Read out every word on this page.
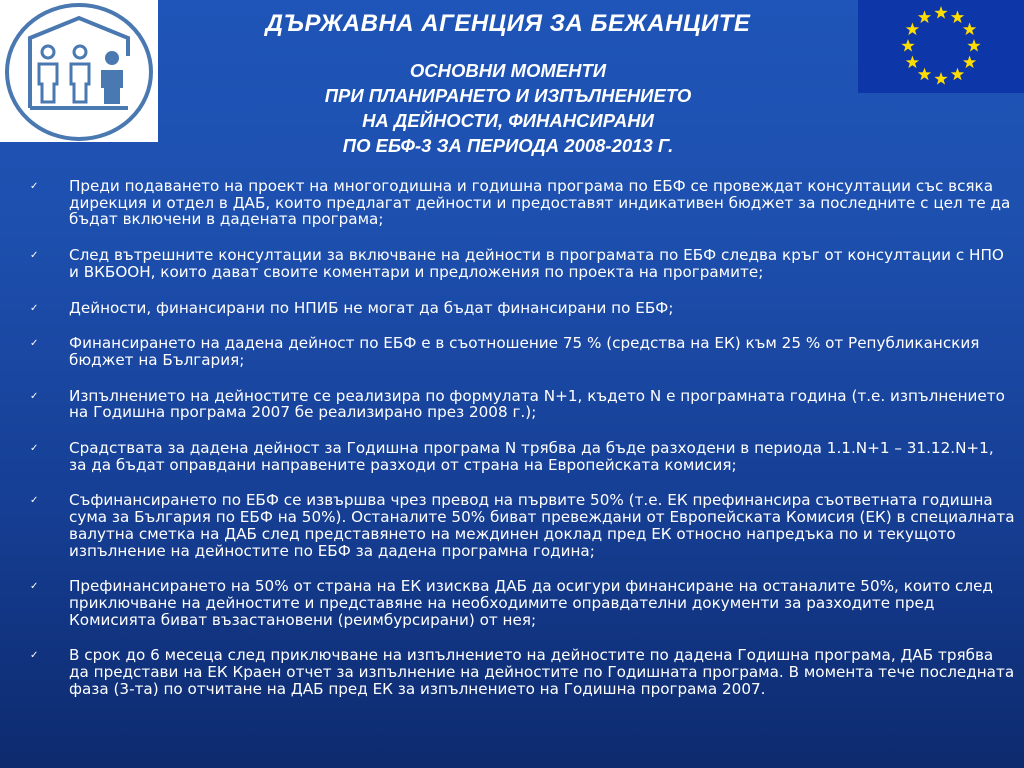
ДЪРЖАВНА АГЕНЦИЯ ЗА БЕЖАНЦИТЕ
ОСНОВНИ МОМЕНТИ
ПРИ ПЛАНИРАНЕТО И ИЗПЪЛНЕНИЕТО
НА ДЕЙНОСТИ, ФИНАНСИРАНИ
ПО ЕБФ-3 ЗА ПЕРИОДА 2008-2013 Г.
✓ Преди подаването на проект на многогодишна и годишна програма по ЕБФ се провеждат консултации със всяка дирекция и отдел в ДАБ, които предлагат дейности и предоставят индикативен бюджет за последните с цел те да бъдат включени в дадената програма;
✓ След вътрешните консултации за включване на дейности в програмата по ЕБФ следва кръг от консултации с НПО и ВКБООН, които дават своите коментари и предложения по проекта на програмите;
✓ Дейности, финансирани по НПИБ не могат да бъдат финансирани по ЕБФ;
✓ Финансирането на дадена дейност по ЕБФ е в съотношение 75 % (средства на ЕК) към 25 % от Републиканския бюджет на България;
✓ Изпълнението на дейностите се реализира по формулата N+1, където N е програмната година (т.е. изпълнението на Годишна програма 2007 бе реализирано през 2008 г.);
✓ Срадствата за дадена дейност за Годишна програма N трябва да бъде разходени в периода 1.1.N+1 – 31.12.N+1, за да бъдат оправдани направените разходи от страна на Европейската комисия;
✓ Съфинансирането по ЕБФ се извършва чрез превод на първите 50% (т.е. ЕК префинансира съответната годишна сума за България по ЕБФ на 50%). Останалите 50% биват превеждани от Европейската Комисия (ЕК) в специалната валутна сметка на ДАБ след представянето на междинен доклад пред ЕК относно напредъка по и текущото изпълнение на дейностите по ЕБФ за дадена програмна година;
✓ Префинансирането на 50% от страна на ЕК изисква ДАБ да осигури финансиране на останалите 50%, които след приключване на дейностите и представяне на необходимите оправдателни документи за разходите пред Комисията биват възастановени (реимбурсирани) от нея;
✓ В срок до 6 месеца след приключване на изпълнението на дейностите по дадена Годишна програма, ДАБ трябва да представи на ЕК Краен отчет за изпълнение на дейностите по Годишната програма. В момента тече последната фаза (3-та) по отчитане на ДАБ пред ЕК за изпълнението на Годишна програма 2007.
